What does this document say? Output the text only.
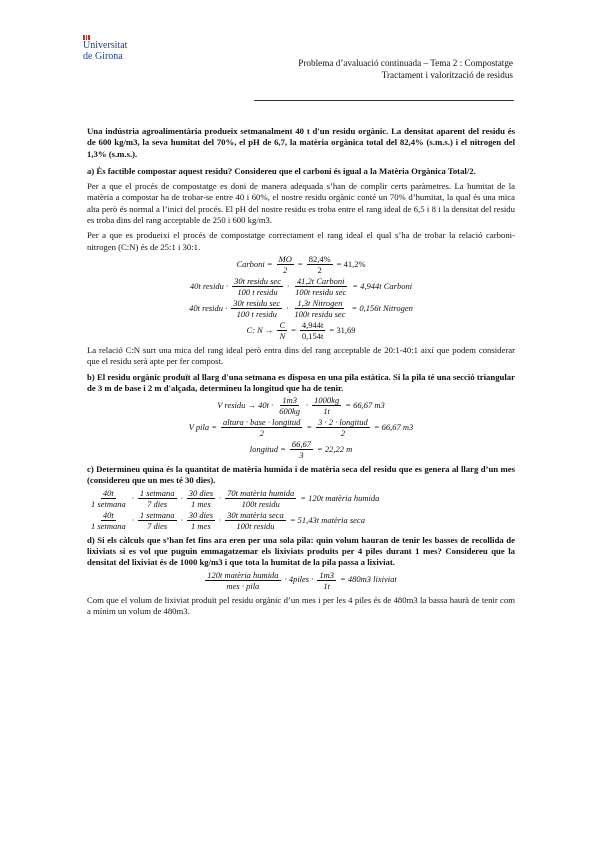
Universitat
de Girona
Problema d’avaluació continuada – Tema 2 : Compostatge
Tractament i valorització de residus

Una indústria agroalimentària produeix setmanalment 40 t d'un residu orgànic. La densitat aparent del residu és de 600 kg/m3, la seva humitat del 70%, el pH de 6,7, la matèria orgànica total del 82,4% (s.m.s.) i el nitrogen del 1,3% (s.m.s.).

a) És factible compostar aquest residu? Considereu que el carboni és igual a la Matèria Orgànica Total/2.

Per a que el procés de compostatge es doni de manera adequada s’han de complir certs paràmetres. La humitat de la matèria a compostar ha de trobar-se entre 40 i 60%, el nostre residu orgànic conté un 70% d’humitat, la qual és una mica alta però és normal a l’inici del procés. El pH del nostre residu es troba entre el rang ideal de 6,5 i 8 i la densitat del residu es troba dins del rang acceptable de 250 i 600 kg/m3.

Per a que es produeixi el procés de compostatge correctament el rang ideal el qual s’ha de trobar la relació carboni-nitrogen (C:N) és de 25:1 i 30:1.

Carboni = $\frac{MO}{2} = \frac{82,4\%}{2} = 41,2\%$
40t residu · $\frac{\text{30t residu sec}}{\text{100 t residu}} \cdot \frac{\text{41,2t Carboni}}{\text{100t residu sec}} = 4,944t$ Carboni
40t residu · $\frac{\text{30t residu sec}}{\text{100 t residu}} \cdot \frac{\text{1,3t Nitrogen}}{\text{100t residu sec}} = 0,156t$ Nitrogen
C: $N \to \frac{C}{N} = \frac{4,944t}{0,154t} = 31,69$

La relació C:N surt una mica del rang ideal però entra dins del rang acceptable de 20:1-40:1 així que podem considerar que el residu serà apte per fer compost.

b) El residu orgànic produït al llarg d'una setmana es disposa en una pila estàtica. Si la pila té una secció triangular de 3 m de base i 2 m d'alçada, determineu la longitud que ha de tenir.

V residu → $40t \cdot \frac{1m3}{600kg} \cdot \frac{1000kg}{1t} = 66,67$ m3
V pila = $\frac{\text{altura · base · longitud}}{2} = \frac{\text{3 · 2 · longitud}}{2} = 66,67$ m3
longitud = $\frac{66,67}{3} = 22,22$ m

c) Determineu quina és la quantitat de matèria humida i de matèria seca del residu que es genera al llarg d’un mes (considereu que un mes té 30 dies).

$\frac{40t}{\text{1 setmana}} \cdot \frac{\text{1 setmana}}{\text{7 dies}} \cdot \frac{\text{30 dies}}{\text{1 mes}} \cdot \frac{\text{70t matèria humida}}{\text{100t residu}} = 120t$ matèria humida
$\frac{40t}{\text{1 setmana}} \cdot \frac{\text{1 setmana}}{\text{7 dies}} \cdot \frac{\text{30 dies}}{\text{1 mes}} \cdot \frac{\text{30t matèria seca}}{\text{100t residu}} = 51,43t$ matèria seca

d) Si els càlculs que s’han fet fins ara eren per una sola pila: quin volum hauran de tenir les basses de recollida de lixiviats si es vol que puguin emmagatzemar els lixiviats produïts per 4 piles durant 1 mes? Considereu que la densitat del lixiviat és de 1000 kg/m3 i que tota la humitat de la pila passa a lixiviat.

$\frac{\text{120t matèria humida}}{\text{mes · pila}}$ · 4piles · $\frac{1m3}{1t} = 480m3$ lixiviat

Com que el volum de lixiviat produït pel residu orgànic d’un mes i per les 4 piles és de 480m3 la bassa haurà de tenir com a mínim un volum de 480m3.
